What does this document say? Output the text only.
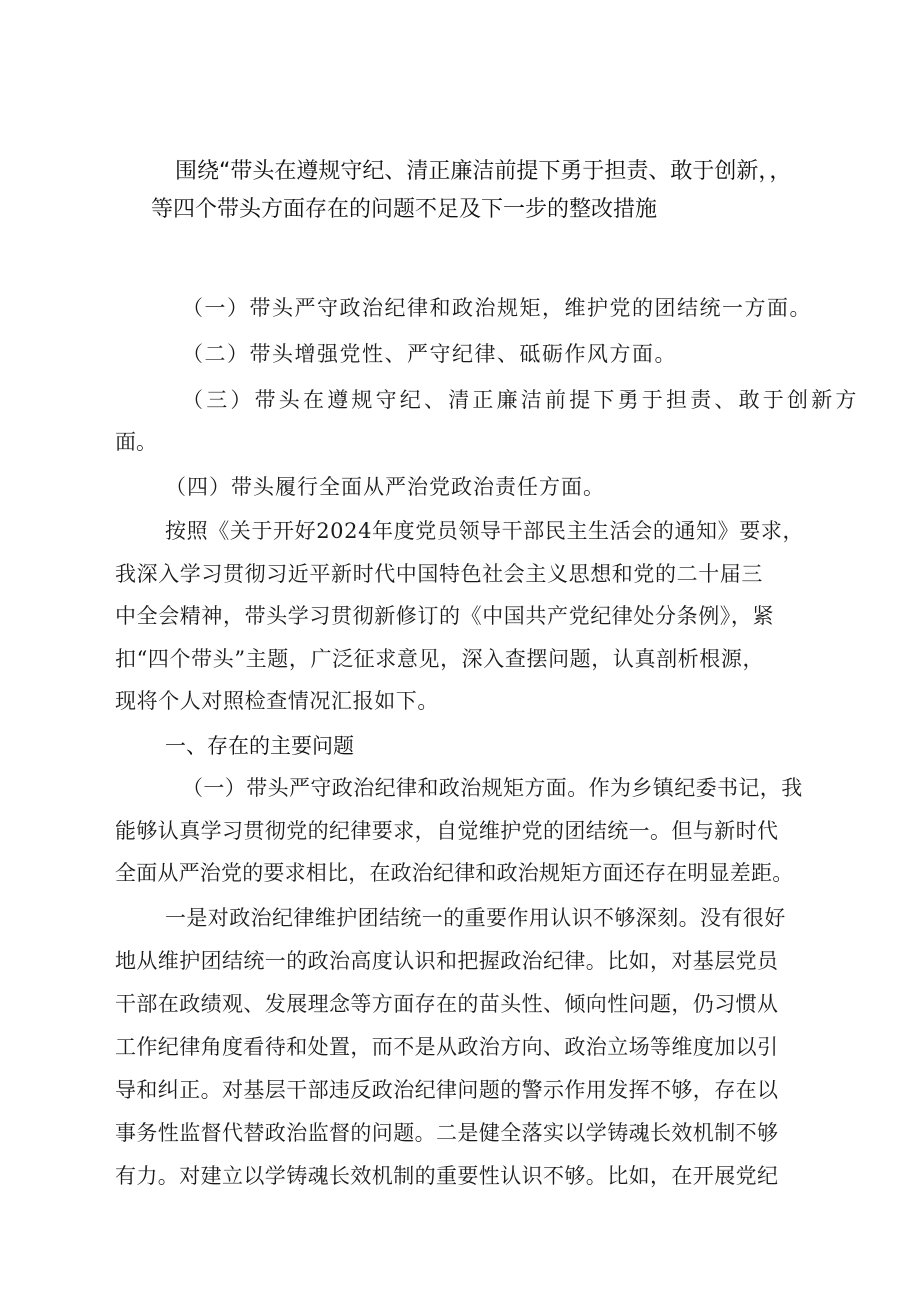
围绕“带头在遵规守纪、清正廉洁前提下勇于担责、敢于创新，，
等四个带头方面存在的问题不足及下一步的整改措施
（一）带头严守政治纪律和政治规矩，维护党的团结统一方面。
（二）带头增强党性、严守纪律、砥砺作风方面。
（三）带头在遵规守纪、清正廉洁前提下勇于担责、敢于创新方
面。
（四）带头履行全面从严治党政治责任方面。
按照《关于开好2024年度党员领导干部民主生活会的通知》要求，
我深入学习贯彻习近平新时代中国特色社会主义思想和党的二十届三
中全会精神，带头学习贯彻新修订的《中国共产党纪律处分条例》，紧
扣“四个带头”主题，广泛征求意见，深入查摆问题，认真剖析根源，
现将个人对照检查情况汇报如下。
一、存在的主要问题
（一）带头严守政治纪律和政治规矩方面。作为乡镇纪委书记，我
能够认真学习贯彻党的纪律要求，自觉维护党的团结统一。但与新时代
全面从严治党的要求相比，在政治纪律和政治规矩方面还存在明显差距。
一是对政治纪律维护团结统一的重要作用认识不够深刻。没有很好
地从维护团结统一的政治高度认识和把握政治纪律。比如，对基层党员
干部在政绩观、发展理念等方面存在的苗头性、倾向性问题，仍习惯从
工作纪律角度看待和处置，而不是从政治方向、政治立场等维度加以引
导和纠正。对基层干部违反政治纪律问题的警示作用发挥不够，存在以
事务性监督代替政治监督的问题。二是健全落实以学铸魂长效机制不够
有力。对建立以学铸魂长效机制的重要性认识不够。比如，在开展党纪
